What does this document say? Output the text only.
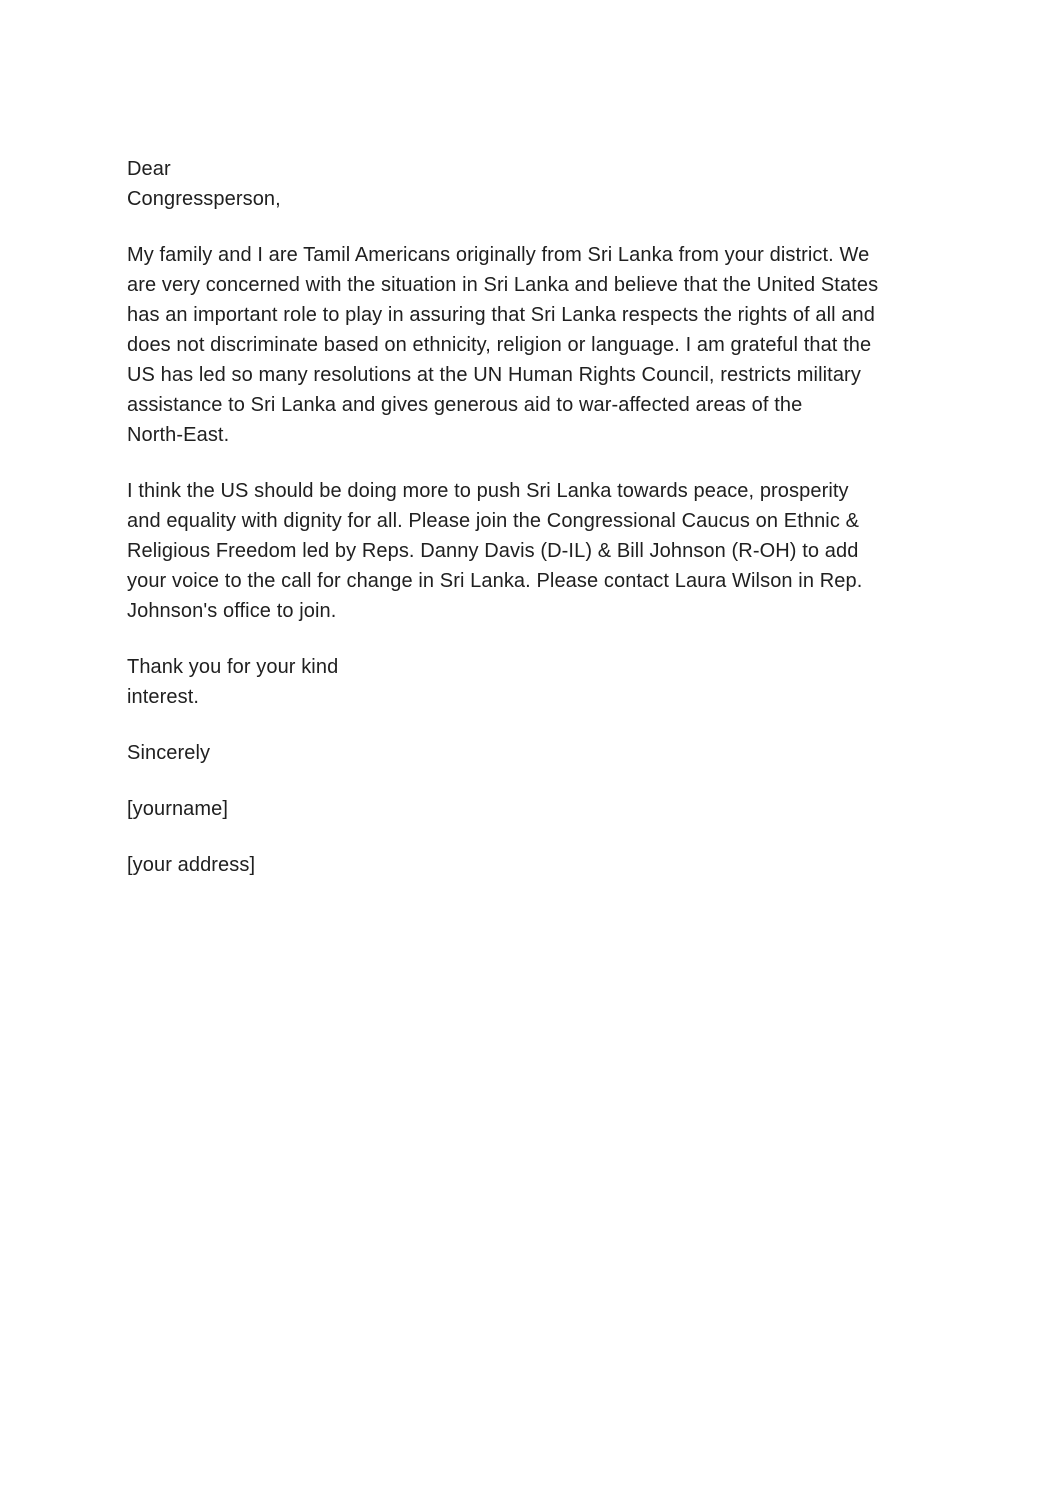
Dear
Congressperson,
My family and I are Tamil Americans originally from Sri Lanka from your district. We
are very concerned with the situation in Sri Lanka and believe that the United States
has an important role to play in assuring that Sri Lanka respects the rights of all and
does not discriminate based on ethnicity, religion or language. I am grateful that the
US has led so many resolutions at the UN Human Rights Council, restricts military
assistance to Sri Lanka and gives generous aid to war-affected areas of the
North-East.
I think the US should be doing more to push Sri Lanka towards peace, prosperity
and equality with dignity for all. Please join the Congressional Caucus on Ethnic &
Religious Freedom led by Reps. Danny Davis (D-IL) & Bill Johnson (R-OH) to add
your voice to the call for change in Sri Lanka. Please contact Laura Wilson in Rep.
Johnson's office to join.
Thank you for your kind
interest.
Sincerely
[yourname]
[your address]
